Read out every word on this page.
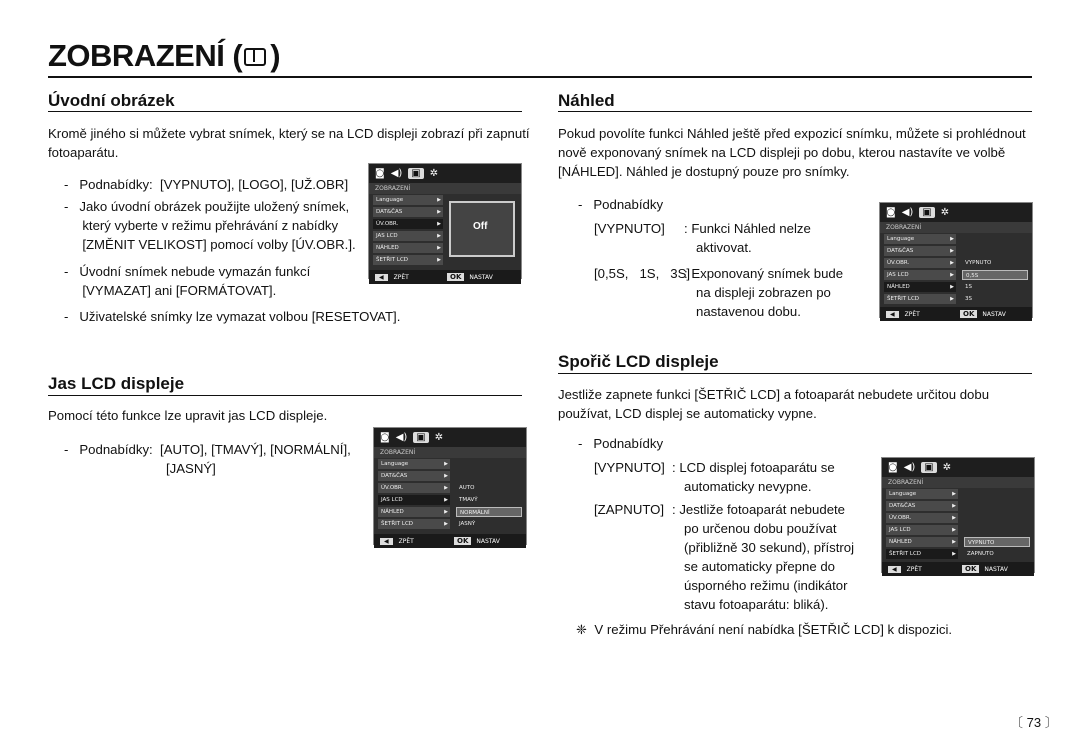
ZOBRAZENÍ ( )
Úvodní obrázek
Kromě jiného si můžete vybrat snímek, který se na LCD displeji zobrazí při zapnutí
fotoaparátu.
-   Podnabídky:  [VYPNUTO], [LOGO], [UŽ.OBR]
-   Jako úvodní obrázek použijte uložený snímek,
který vyberte v režimu přehrávání z nabídky
[ZMĚNIT VELIKOST] pomocí volby [ÚV.OBR.].
-   Úvodní snímek nebude vymazán funkcí
[VYMAZAT] ani [FORMÁTOVAT].
-   Uživatelské snímky lze vymazat volbou [RESETOVAT].
◙ ◀) ▣ ✲
ZOBRAZENÍ
Language ▶
DAT&ČAS ▶
ÚV.OBR. ▶
JAS LCD ▶
NÁHLED ▶
ŠETŘIT LCD ▶
◀	ZPĚT	OK	NASTAV
Off
Jas LCD displeje
Pomocí této funkce lze upravit jas LCD displeje.
-   Podnabídky:  [AUTO], [TMAVÝ], [NORMÁLNÍ],
[JASNÝ]
◙ ◀) ▣ ✲
ZOBRAZENÍ
Language ▶
DAT&ČAS ▶
ÚV.OBR. ▶	AUTO
JAS LCD ▶	TMAVÝ
NÁHLED ▶	NORMÁLNÍ
ŠETŘIT LCD ▶	JASNÝ
◀	ZPĚT	OK	NASTAV
Náhled
Pokud povolíte funkci Náhled ještě před expozicí snímku, můžete si prohlédnout
nově exponovaný snímek na LCD displeji po dobu, kterou nastavíte ve volbě
[NÁHLED]. Náhled je dostupný pouze pro snímky.
-   Podnabídky
[VYPNUTO] : Funkci Náhled nelze
aktivovat.
[0,5S,   1S,   3S]
: Exponovaný snímek bude
na displeji zobrazen po
nastavenou dobu.
◙ ◀) ▣ ✲
ZOBRAZENÍ
Language ▶
DAT&ČAS ▶
ÚV.OBR. ▶	VYPNUTO
JAS LCD ▶	0,5S
NÁHLED ▶	1S
ŠETŘIT LCD ▶	3S
◀	ZPĚT	OK	NASTAV
Spořič LCD displeje
Jestliže zapnete funkci [ŠETŘIČ LCD] a fotoaparát nebudete určitou dobu
používat, LCD displej se automaticky vypne.
-   Podnabídky
[VYPNUTO] : LCD displej fotoaparátu se
automaticky nevypne.
[ZAPNUTO] : Jestliže fotoaparát nebudete
po určenou dobu používat
(přibližně 30 sekund), přístroj
se automaticky přepne do
úsporného režimu (indikátor
stavu fotoaparátu: bliká).
❈  V režimu Přehrávání není nabídka [ŠETŘIČ LCD] k dispozici.
◙ ◀) ▣ ✲
ZOBRAZENÍ
Language ▶
DAT&ČAS ▶
ÚV.OBR. ▶
JAS LCD ▶
NÁHLED ▶	VYPNUTO
ŠETŘIT LCD ▶	ZAPNUTO
◀	ZPĚT	OK	NASTAV
〔 73 〕
